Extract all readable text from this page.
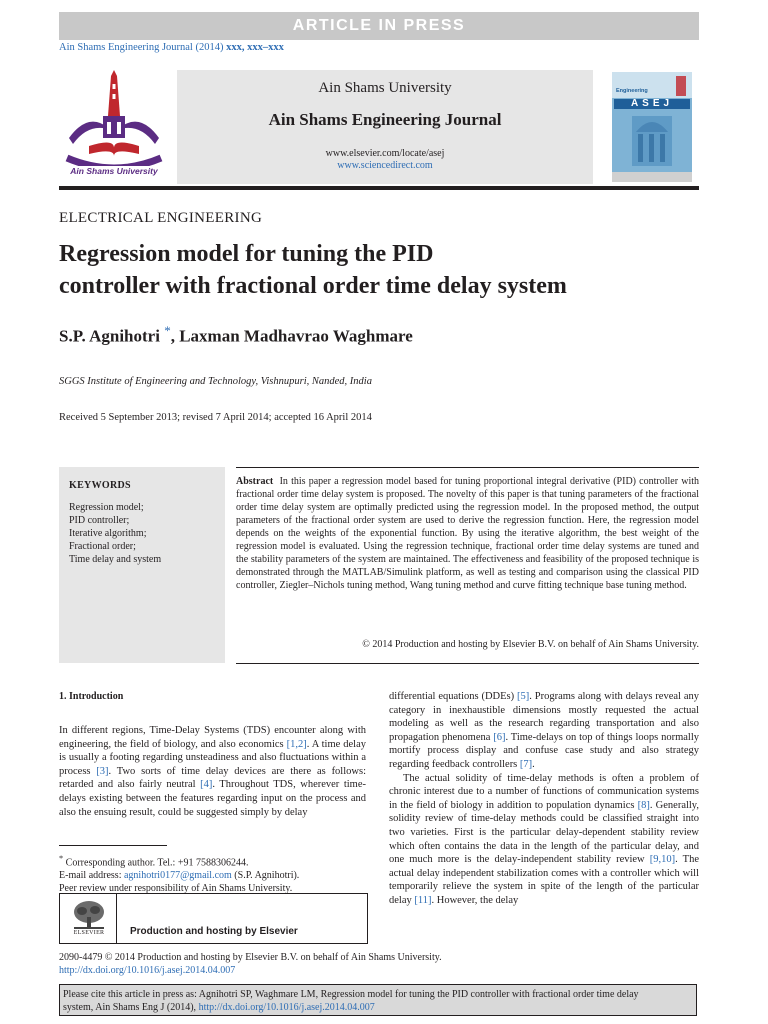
ARTICLE IN PRESS
Ain Shams Engineering Journal (2014) xxx, xxx–xxx
Ain Shams University
Ain Shams University
Ain Shams Engineering Journal
www.elsevier.com/locate/asej
www.sciencedirect.com
Engineering
ASEJ
ELECTRICAL ENGINEERING
Regression model for tuning the PID
controller with fractional order time delay system
S.P. Agnihotri *, Laxman Madhavrao Waghmare
SGGS Institute of Engineering and Technology, Vishnupuri, Nanded, India
Received 5 September 2013; revised 7 April 2014; accepted 16 April 2014
KEYWORDS
Regression model;
PID controller;
Iterative algorithm;
Fractional order;
Time delay and system
Abstract In this paper a regression model based for tuning proportional integral derivative (PID) controller with fractional order time delay system is proposed. The novelty of this paper is that tuning parameters of the fractional order time delay system are optimally predicted using the regression model. In the proposed method, the output parameters of the fractional order system are used to derive the regression function. Here, the regression model depends on the weights of the exponential function. By using the iterative algorithm, the best weight of the regression model is evaluated. Using the regression technique, fractional order time delay systems are tuned and the stability parameters of the system are maintained. The effectiveness and feasibility of the proposed technique is demonstrated through the MATLAB/Simulink platform, as well as testing and comparison using the classical PID controller, Ziegler–Nichols tuning method, Wang tuning method and curve fitting technique base tuning method.
© 2014 Production and hosting by Elsevier B.V. on behalf of Ain Shams University.
1. Introduction
In different regions, Time-Delay Systems (TDS) encounter along with engineering, the field of biology, and also economics [1,2]. A time delay is usually a footing regarding unsteadiness and also fluctuations within a process [3]. Two sorts of time delay devices are there as follows: retarded and also fairly neutral [4]. Throughout TDS, wherever time-delays existing between the features regarding input on the process and also the ensuing result, could be suggested simply by delay
* Corresponding author. Tel.: +91 7588306244.
E-mail address: agnihotri0177@gmail.com (S.P. Agnihotri).
Peer review under responsibility of Ain Shams University.
ELSEVIER	Production and hosting by Elsevier
differential equations (DDEs) [5]. Programs along with delays reveal any category in inexhaustible dimensions mostly requested the actual modeling as well as the research regarding transportation and also propagation phenomena [6]. Time-delays on top of things loops normally mortify process display and confuse case study and also strategy regarding feedback controllers [7].
The actual solidity of time-delay methods is often a problem of chronic interest due to a number of functions of communication systems in the field of biology in addition to population dynamics [8]. Generally, solidity review of time-delay methods could be classified straight into two varieties. First is the particular delay-dependent stability review which often contains the data in the length of the particular delay, and one much more is the delay-independent stability review [9,10]. The actual delay independent stabilization comes with a controller which will temporarily relieve the system in spite of the length of the particular delay [11]. However, the delay
2090-4479 © 2014 Production and hosting by Elsevier B.V. on behalf of Ain Shams University.
http://dx.doi.org/10.1016/j.asej.2014.04.007
Please cite this article in press as: Agnihotri SP, Waghmare LM, Regression model for tuning the PID controller with fractional order time delay
system, Ain Shams Eng J (2014), http://dx.doi.org/10.1016/j.asej.2014.04.007
